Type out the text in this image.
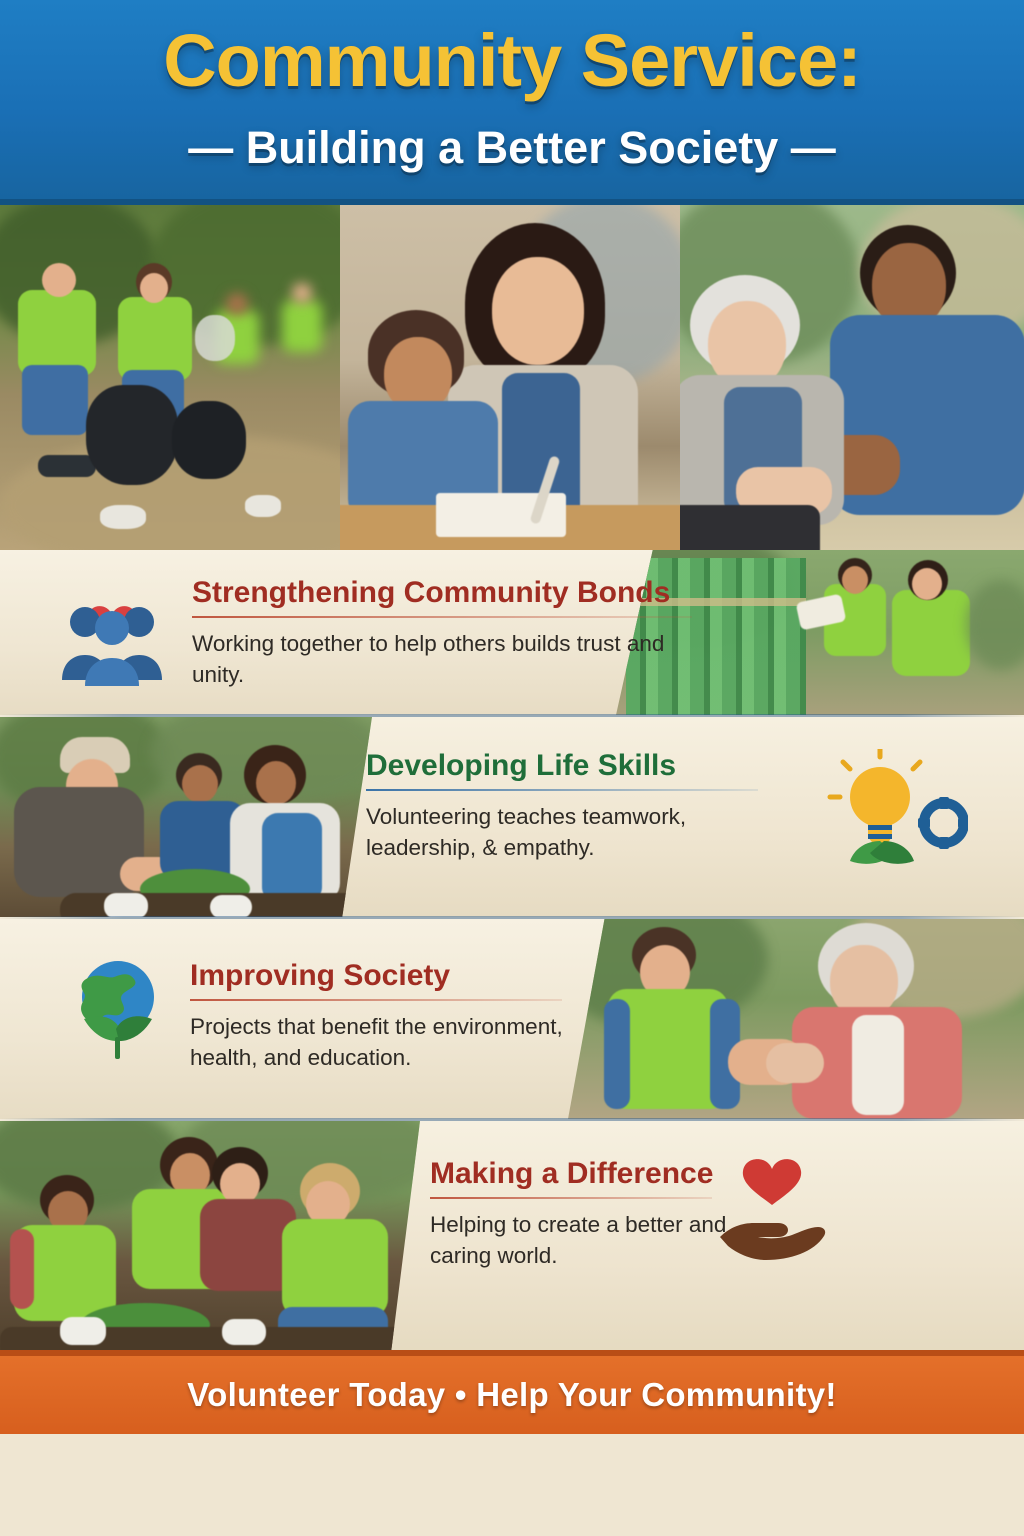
Community Service:
— Building a Better Society —
Strengthening Community Bonds
Working together to help others builds trust and unity.
Developing Life Skills
Volunteering teaches teamwork, leadership, & empathy.
Improving Society
Projects that benefit the environment, health, and education.
Making a Difference
Helping to create a better and caring world.
Volunteer Today • Help Your Community!
